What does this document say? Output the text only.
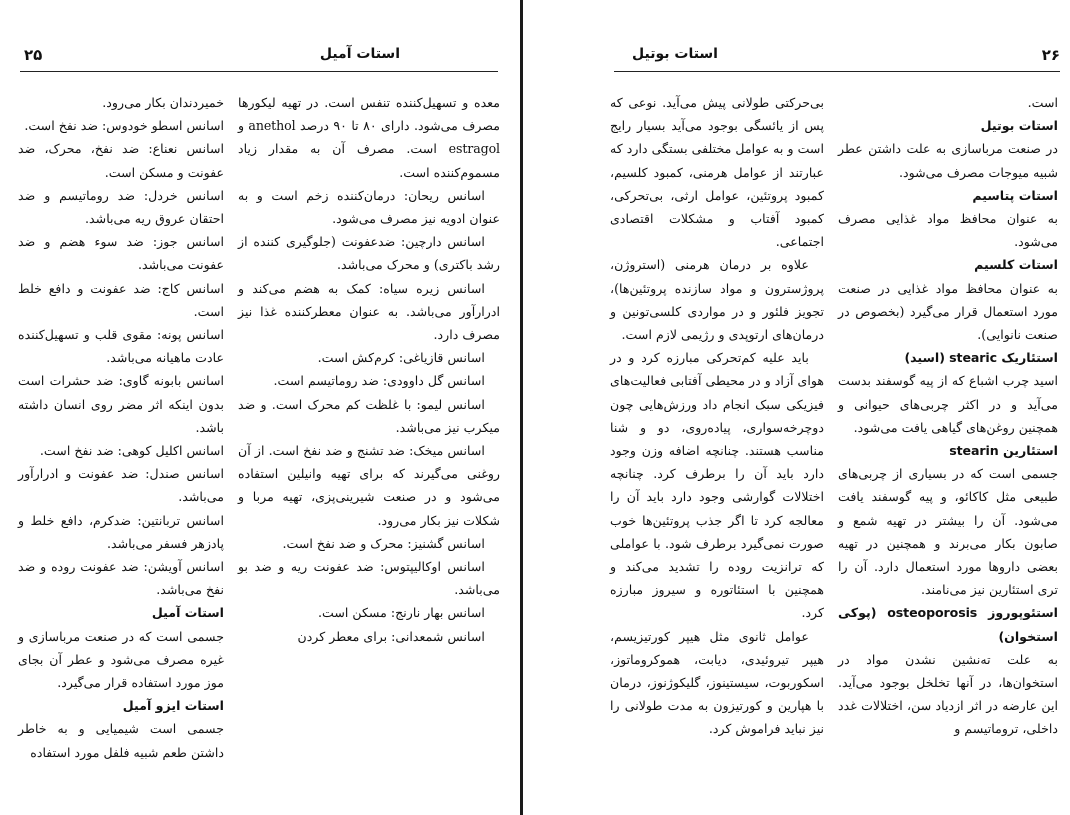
۲۵	استات آمیل

معده و تسهیل‌کننده تنفس است. در تهیه لیکورها مصرف می‌شود. دارای ۸۰ تا ۹۰ درصد anethol و estragol است. مصرف آن به مقدار زیاد مسموم‌کننده است.

اسانس ریحان: درمان‌کننده زخم است و به عنوان ادویه نیز مصرف می‌شود.

اسانس دارچین: ضدعفونت (جلوگیری کننده از رشد باکتری) و محرک می‌باشد.

اسانس زیره سیاه: کمک به هضم می‌کند و ادرارآور می‌باشد. به عنوان معطرکننده غذا نیز مصرف دارد.

اسانس قازیاغی: کرم‌کش است.

اسانس گل داوودی: ضد روماتیسم است.

اسانس لیمو: با غلظت کم محرک است. و ضد میکرب نیز می‌باشد.

اسانس میخک: ضد تشنج و ضد نفخ است. از آن روغنی می‌گیرند که برای تهیه وانیلین استفاده می‌شود و در صنعت شیرینی‌پزی، تهیه مربا و شکلات نیز بکار می‌رود.

اسانس گشنیز: محرک و ضد نفخ است.

اسانس اوکالیپتوس: ضد عفونت ریه و ضد بو می‌باشد.

اسانس بهار نارنج: مسکن است.

اسانس شمعدانی: برای معطر کردن

خمیردندان بکار می‌رود.

اسانس اسطو خودوس: ضد نفخ است.

اسانس نعناع: ضد نفخ، محرک، ضد عفونت و مسکن است.

اسانس خردل: ضد روماتیسم و ضد احتقان عروق ریه می‌باشد.

اسانس جوز: ضد سوء هضم و ضد عفونت می‌باشد.

اسانس کاج: ضد عفونت و دافع خلط است.

اسانس پونه: مقوی قلب و تسهیل‌کننده عادت ماهیانه می‌باشد.

اسانس بابونه گاوی: ضد حشرات است بدون اینکه اثر مضر روی انسان داشته باشد.

اسانس اکلیل کوهی: ضد نفخ است.

اسانس صندل: ضد عفونت و ادرارآور می‌باشد.

اسانس تربانتین: ضدکرم، دافع خلط و پادزهر فسفر می‌باشد.

اسانس آویشن: ضد عفونت روده و ضد نفخ می‌باشد.

استات آمیل

جسمی است که در صنعت مرباسازی و غیره مصرف می‌شود و عطر آن بجای موز مورد استفاده قرار می‌گیرد.

استات ایزو آمیل

جسمی است شیمیایی و به خاطر داشتن طعم شبیه فلفل مورد استفاده

۲۶
استات بوتیل

است.

استات بوتیل

در صنعت مرباسازی به علت داشتن عطر شبیه میوجات مصرف می‌شود.

استات پتاسیم

به عنوان محافظ مواد غذایی مصرف می‌شود.

استات کلسیم

به عنوان محافظ مواد غذایی در صنعت مورد استعمال قرار می‌گیرد (بخصوص در صنعت نانوایی).

استئاریک stearic (اسید)

اسید چرب اشباع که از پیه گوسفند بدست می‌آید و در اکثر چربی‌های حیوانی و همچنین روغن‌های گیاهی یافت می‌شود.

استئارین stearin

جسمی است که در بسیاری از چربی‌های طبیعی مثل کاکائو، و پیه گوسفند یافت می‌شود. آن را بیشتر در تهیه شمع و صابون بکار می‌برند و همچنین در تهیه بعضی داروها مورد استعمال دارد. آن را تری استئارین نیز می‌نامند.

استئوپوروز osteoporosis (پوکی استخوان)

به علت ته‌نشین نشدن مواد در استخوان‌ها، در آنها تخلخل بوجود می‌آید. این عارضه در اثر ازدیاد سن، اختلالات غدد داخلی، تروماتیسم و

بی‌حرکتی طولانی پیش می‌آید. نوعی که پس از یائسگی بوجود می‌آید بسیار رایج است و به عوامل مختلفی بستگی دارد که عبارتند از عوامل هرمنی، کمبود کلسیم، کمبود پروتئین، عوامل ارثی، بی‌تحرکی، کمبود آفتاب و مشکلات اقتصادی اجتماعی.

علاوه بر درمان هرمنی (استروژن، پروژسترون و مواد سازنده پروتئین‌ها)، تجویز فلئور و در مواردی کلسی‌تونین و درمان‌های ارتوپدی و رژیمی لازم است.

باید علیه کم‌تحرکی مبارزه کرد و در هوای آزاد و در محیطی آفتابی فعالیت‌های فیزیکی سبک انجام داد ورزش‌هایی چون دوچرخه‌سواری، پیاده‌روی، دو و شنا مناسب هستند. چنانچه اضافه وزن وجود دارد باید آن را برطرف کرد. چنانچه اختلالات گوارشی وجود دارد باید آن را معالجه کرد تا اگر جذب پروتئین‌ها خوب صورت نمی‌گیرد برطرف شود. با عواملی که ترانزیت روده را تشدید می‌کند و همچنین با استئاتوره و سیروز مبارزه کرد.

عوامل ثانوی مثل هیپر کورتیزیسم، هیپر تیروئیدی، دیابت، هموکروماتوز، اسکوربوت، سیستینوز، گلیکوژنوز، درمان با هپارین و کورتیزون به مدت طولانی را نیز نباید فراموش کرد.
